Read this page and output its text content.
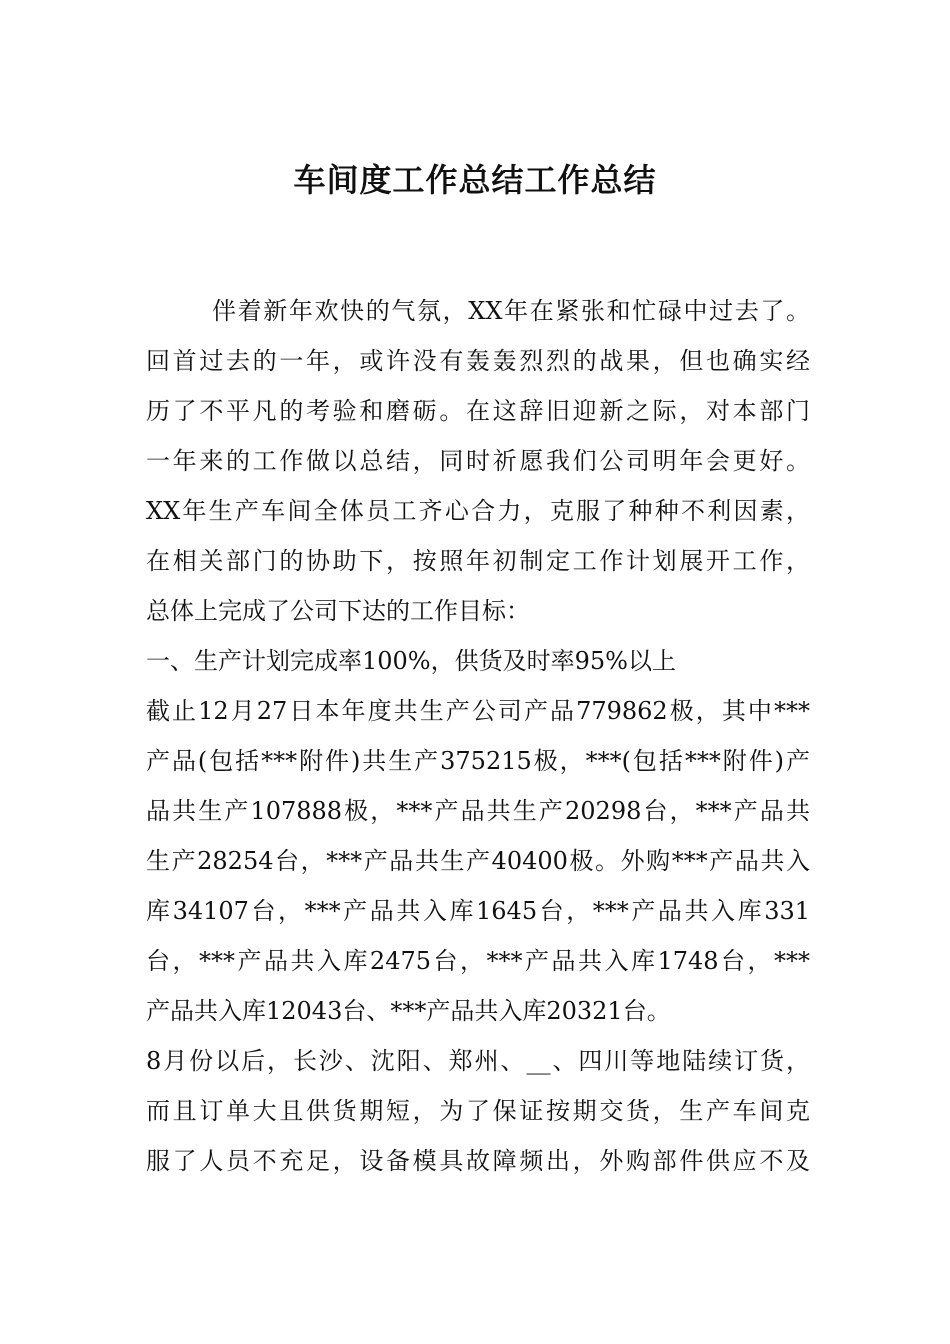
车间度工作总结工作总结
伴着新年欢快的气氛，XX年在紧张和忙碌中过去了。
回首过去的一年，或许没有轰轰烈烈的战果，但也确实经
历了不平凡的考验和磨砺。在这辞旧迎新之际，对本部门
一年来的工作做以总结，同时祈愿我们公司明年会更好。
XX年生产车间全体员工齐心合力，克服了种种不利因素，
在相关部门的协助下，按照年初制定工作计划展开工作，
总体上完成了公司下达的工作目标：
一、生产计划完成率100%，供货及时率95%以上
截止12月27日本年度共生产公司产品779862极，其中***
产品(包括***附件)共生产375215极，***(包括***附件)产
品共生产107888极，***产品共生产20298台，***产品共
生产28254台，***产品共生产40400极。外购***产品共入
库34107台，***产品共入库1645台，***产品共入库331
台，***产品共入库2475台，***产品共入库1748台，***
产品共入库12043台、***产品共入库20321台。
8月份以后，长沙、沈阳、郑州、__、四川等地陆续订货，
而且订单大且供货期短，为了保证按期交货，生产车间克
服了人员不充足，设备模具故障频出，外购部件供应不及
